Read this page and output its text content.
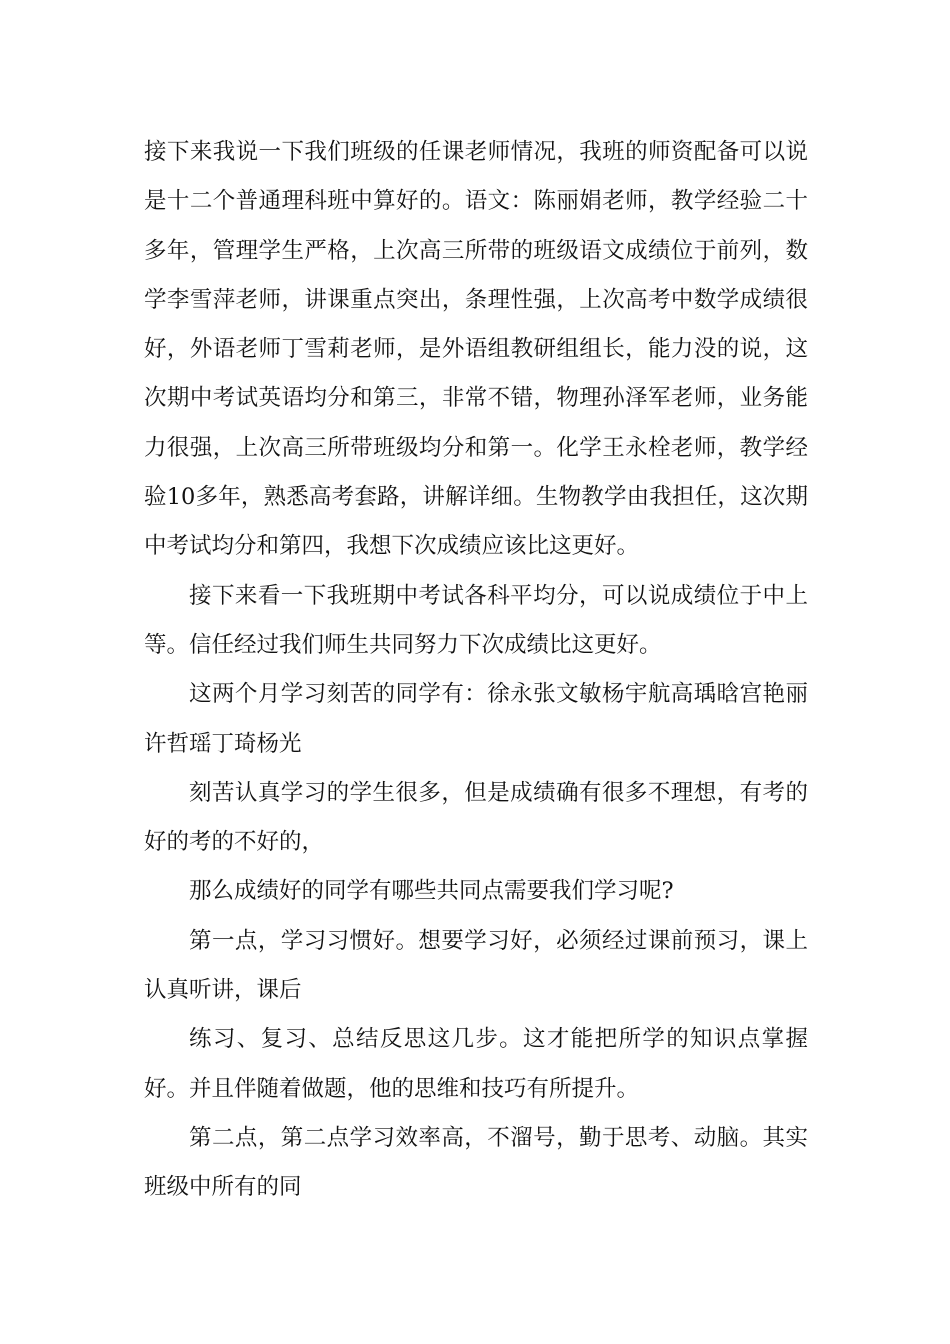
接下来我说一下我们班级的任课老师情况，我班的师资配备可以说是十二个普通理科班中算好的。语文：陈丽娟老师，教学经验二十多年，管理学生严格，上次高三所带的班级语文成绩位于前列，数学李雪萍老师，讲课重点突出，条理性强，上次高考中数学成绩很好，外语老师丁雪莉老师，是外语组教研组组长，能力没的说，这次期中考试英语均分和第三，非常不错，物理孙泽军老师，业务能力很强，上次高三所带班级均分和第一。化学王永栓老师，教学经验10多年，熟悉高考套路，讲解详细。生物教学由我担任，这次期中考试均分和第四，我想下次成绩应该比这更好。

接下来看一下我班期中考试各科平均分，可以说成绩位于中上等。信任经过我们师生共同努力下次成绩比这更好。

这两个月学习刻苦的同学有：徐永张文敏杨宇航高瑀晗宫艳丽许哲瑶丁琦杨光

刻苦认真学习的学生很多，但是成绩确有很多不理想，有考的好的考的不好的，

那么成绩好的同学有哪些共同点需要我们学习呢?

第一点，学习习惯好。想要学习好，必须经过课前预习，课上认真听讲，课后

练习、复习、总结反思这几步。这才能把所学的知识点掌握好。并且伴随着做题，他的思维和技巧有所提升。

第二点，第二点学习效率高，不溜号，勤于思考、动脑。其实班级中所有的同
